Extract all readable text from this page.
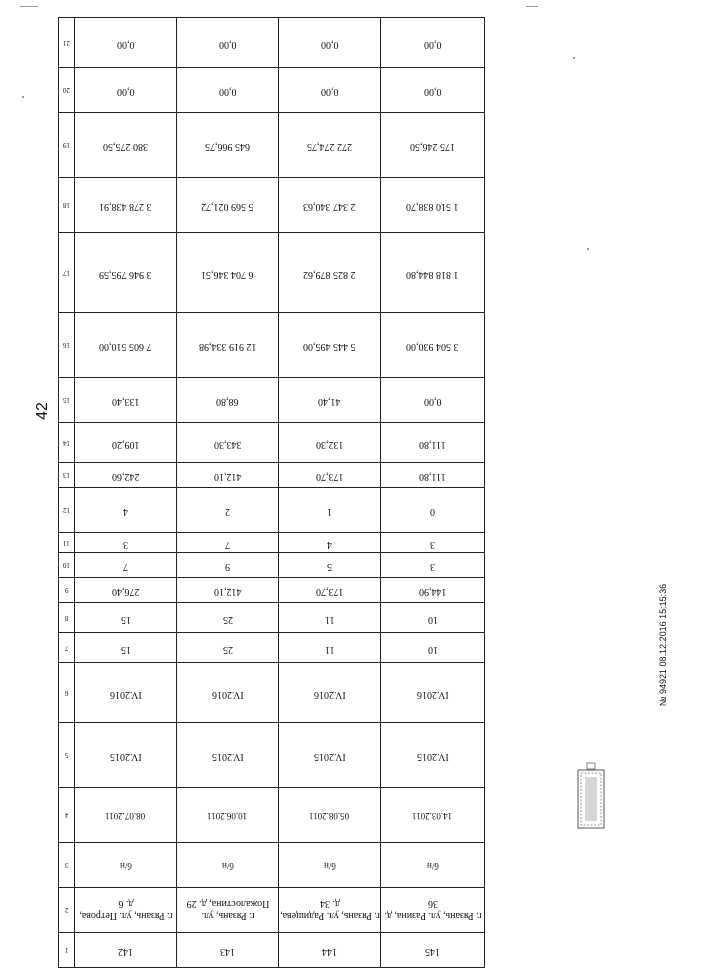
42
21	0,00	0,00	0,00	0,00
20	0,00	0,00	0,00	0,00
19	380 275,50	645 966,75	272 274,75	175 246,50
18	3 278 438,91	5 569 021,72	2 347 340,63	1 510 838,70
17	3 946 795,59	6 704 346,51	2 825 879,62	1 818 844,80
16	7 605 510,00	12 919 334,98	5 445 495,00	3 504 930,00
15	133,40	68,80	41,40	0,00
14	109,20	343,30	132,30	111,80
13	242,60	412,10	173,70	111,80
12	4	2	1	0
11	3	7	4	3
10	7	9	5	3
9	276,40	412,10	173,70	144,90
8	15	25	11	10
7	15	25	11	10
6	IV.2016	IV.2016	IV.2016	IV.2016
5	IV.2015	IV.2015	IV.2015	IV.2015
4	08.07.2011	10.06.2011	05.08.2011	14.03.2011
3	б/н	б/н	б/н	б/н
2	г. Рязань, ул. Петрова, д. 6	г. Рязань, ул. Пожалостина, д. 29	г. Рязань, ул. Радищева, д. 34	г. Рязань, ул. Разина, д. 36
1	142	143	144	145
№ 94921 08.12.2016 15:15:36
